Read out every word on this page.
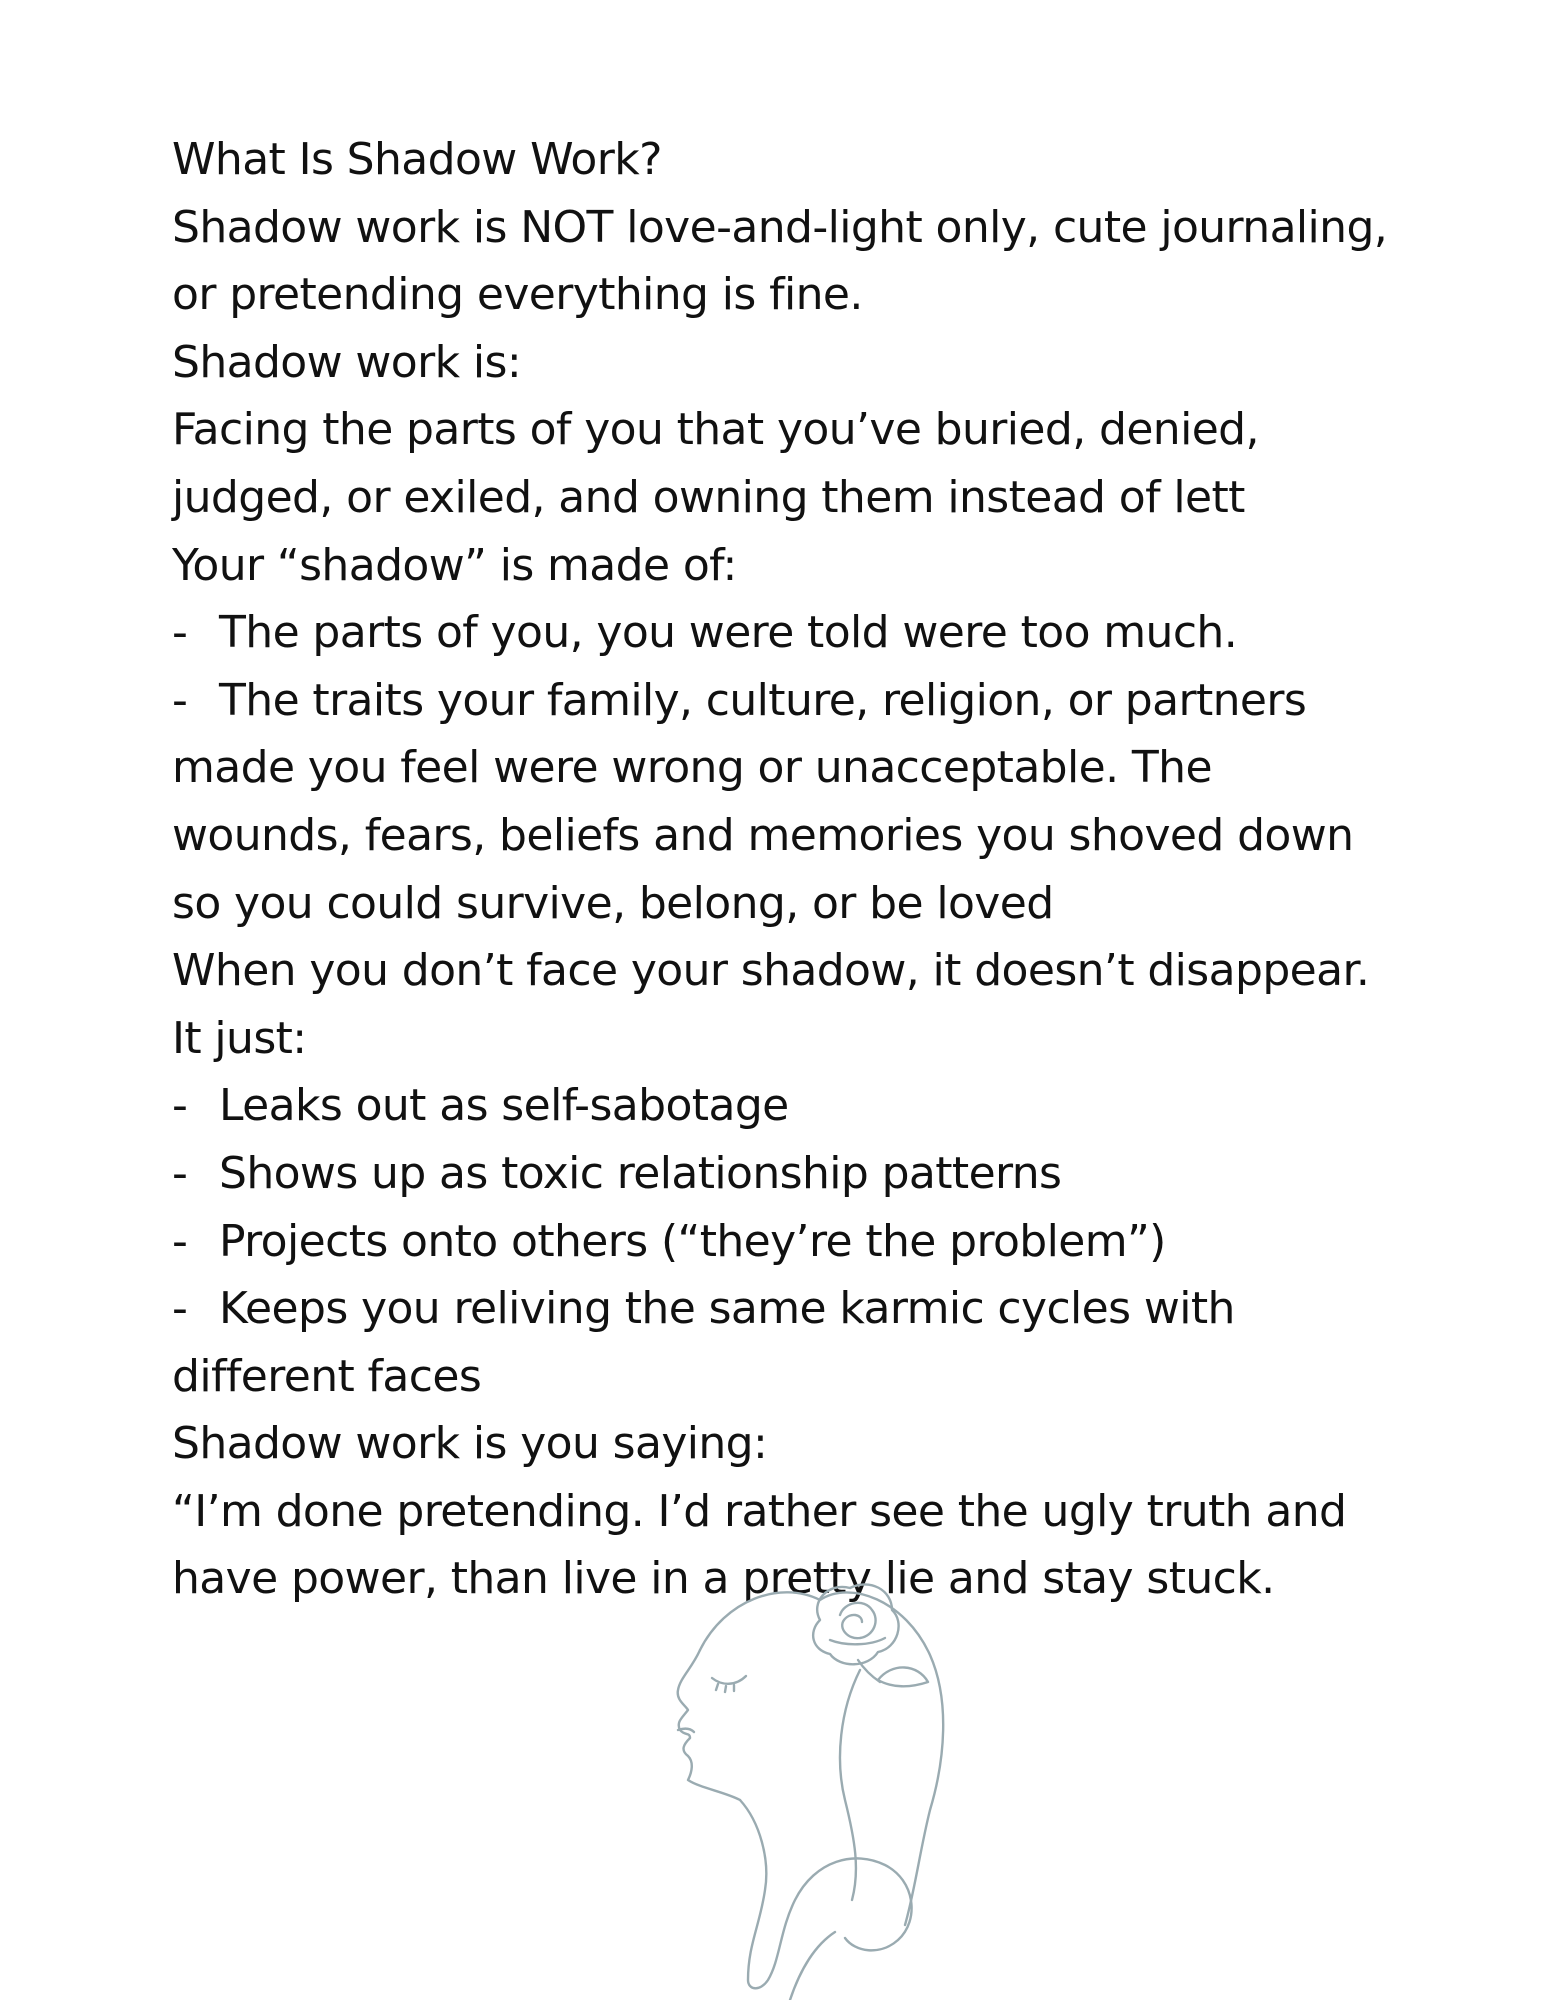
What Is Shadow Work?
Shadow work is NOT love-and-light only, cute journaling,
or pretending everything is fine.
Shadow work is:
Facing the parts of you that you’ve buried, denied,
judged, or exiled, and owning them instead of lett
Your “shadow” is made of:
- The parts of you, you were told were too much.
- The traits your family, culture, religion, or partners
made you feel were wrong or unacceptable. The
wounds, fears, beliefs and memories you shoved down
so you could survive, belong, or be loved
When you don’t face your shadow, it doesn’t disappear.
It just:
- Leaks out as self-sabotage
- Shows up as toxic relationship patterns
- Projects onto others (“they’re the problem”)
- Keeps you reliving the same karmic cycles with
different faces
Shadow work is you saying:
“I’m done pretending. I’d rather see the ugly truth and
have power, than live in a pretty lie and stay stuck.
